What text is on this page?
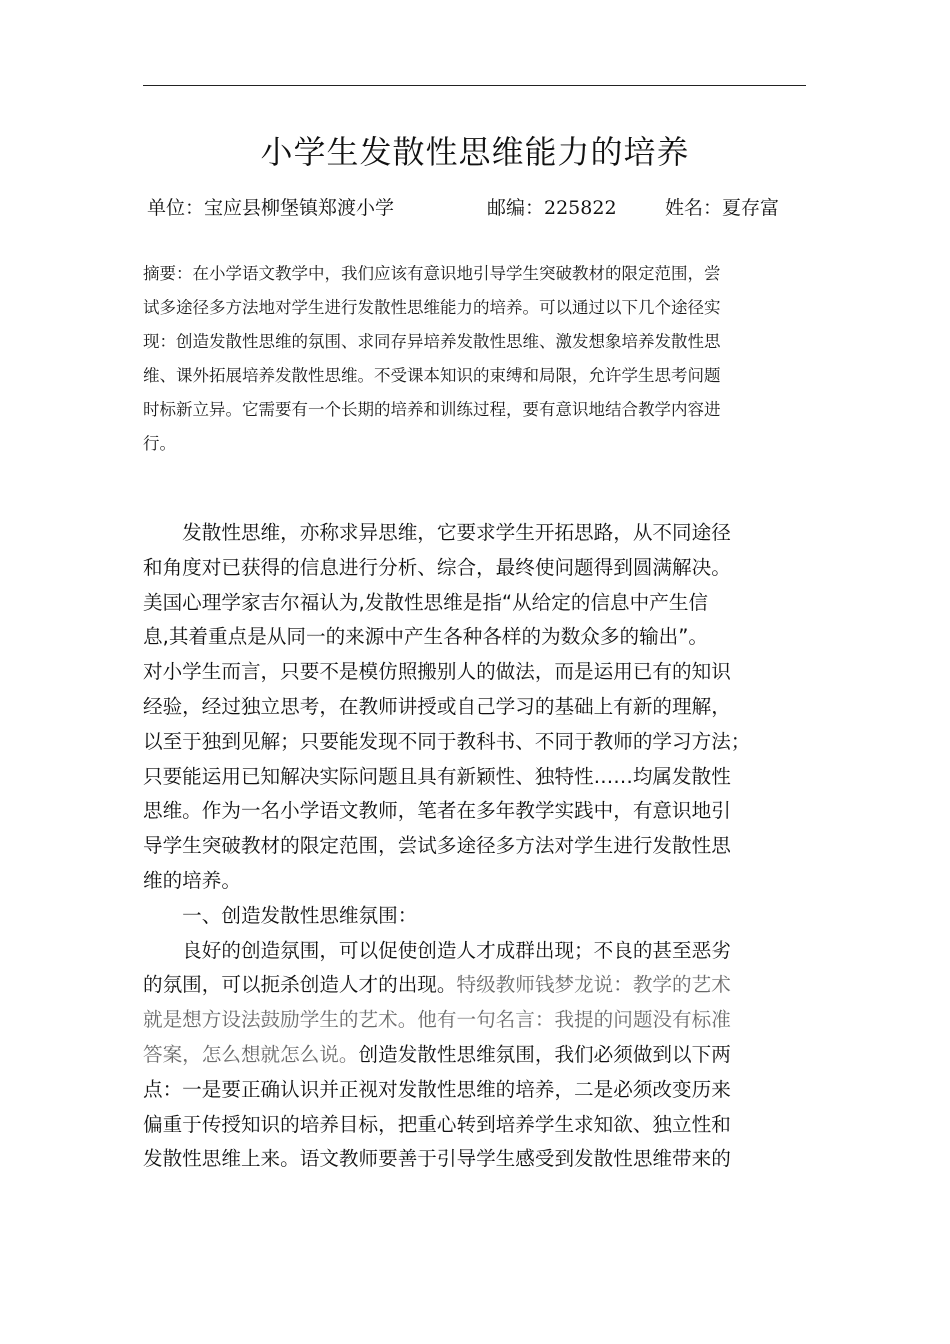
小学生发散性思维能力的培养
单位：宝应县柳堡镇郑渡小学	邮编：225822	姓名：夏存富
摘要：在小学语文教学中，我们应该有意识地引导学生突破教材的限定范围，尝
试多途径多方法地对学生进行发散性思维能力的培养。可以通过以下几个途径实
现：创造发散性思维的氛围、求同存异培养发散性思维、激发想象培养发散性思
维、课外拓展培养发散性思维。不受课本知识的束缚和局限，允许学生思考问题
时标新立异。它需要有一个长期的培养和训练过程，要有意识地结合教学内容进
行。
　　发散性思维，亦称求异思维，它要求学生开拓思路，从不同途径
和角度对已获得的信息进行分析、综合，最终使问题得到圆满解决。
美国心理学家吉尔福认为,发散性思维是指“从给定的信息中产生信
息,其着重点是从同一的来源中产生各种各样的为数众多的输出”。
对小学生而言，只要不是模仿照搬别人的做法，而是运用已有的知识
经验，经过独立思考，在教师讲授或自己学习的基础上有新的理解，
以至于独到见解；只要能发现不同于教科书、不同于教师的学习方法；
只要能运用已知解决实际问题且具有新颖性、独特性……均属发散性
思维。作为一名小学语文教师，笔者在多年教学实践中，有意识地引
导学生突破教材的限定范围，尝试多途径多方法对学生进行发散性思
维的培养。
　　一、创造发散性思维氛围：
　　良好的创造氛围，可以促使创造人才成群出现；不良的甚至恶劣
的氛围，可以扼杀创造人才的出现。特级教师钱梦龙说：教学的艺术
就是想方设法鼓励学生的艺术。他有一句名言：我提的问题没有标准
答案，怎么想就怎么说。创造发散性思维氛围，我们必须做到以下两
点：一是要正确认识并正视对发散性思维的培养，二是必须改变历来
偏重于传授知识的培养目标，把重心转到培养学生求知欲、独立性和
发散性思维上来。语文教师要善于引导学生感受到发散性思维带来的
